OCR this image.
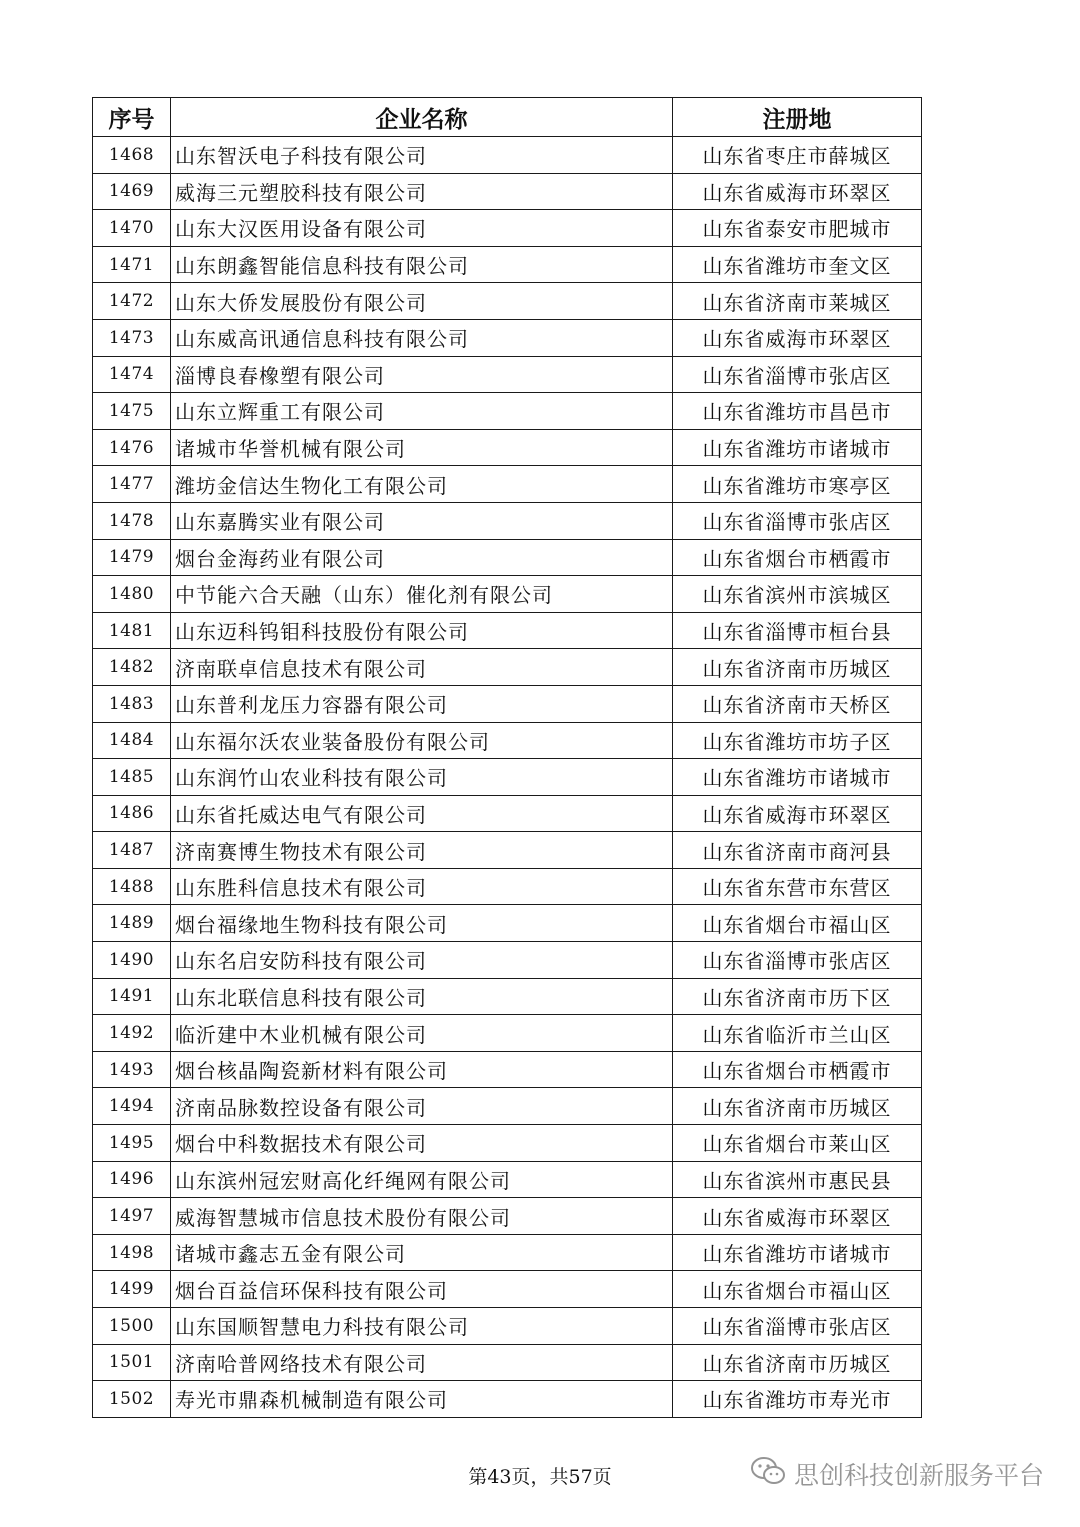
序号	企业名称	注册地
1468	山东智沃电子科技有限公司	山东省枣庄市薛城区
1469	威海三元塑胶科技有限公司	山东省威海市环翠区
1470	山东大汉医用设备有限公司	山东省泰安市肥城市
1471	山东朗鑫智能信息科技有限公司	山东省潍坊市奎文区
1472	山东大侨发展股份有限公司	山东省济南市莱城区
1473	山东威高讯通信息科技有限公司	山东省威海市环翠区
1474	淄博良春橡塑有限公司	山东省淄博市张店区
1475	山东立辉重工有限公司	山东省潍坊市昌邑市
1476	诸城市华誉机械有限公司	山东省潍坊市诸城市
1477	潍坊金信达生物化工有限公司	山东省潍坊市寒亭区
1478	山东嘉腾实业有限公司	山东省淄博市张店区
1479	烟台金海药业有限公司	山东省烟台市栖霞市
1480	中节能六合天融（山东）催化剂有限公司	山东省滨州市滨城区
1481	山东迈科钨钼科技股份有限公司	山东省淄博市桓台县
1482	济南联卓信息技术有限公司	山东省济南市历城区
1483	山东普利龙压力容器有限公司	山东省济南市天桥区
1484	山东福尔沃农业装备股份有限公司	山东省潍坊市坊子区
1485	山东润竹山农业科技有限公司	山东省潍坊市诸城市
1486	山东省托威达电气有限公司	山东省威海市环翠区
1487	济南赛博生物技术有限公司	山东省济南市商河县
1488	山东胜科信息技术有限公司	山东省东营市东营区
1489	烟台福缘地生物科技有限公司	山东省烟台市福山区
1490	山东名启安防科技有限公司	山东省淄博市张店区
1491	山东北联信息科技有限公司	山东省济南市历下区
1492	临沂建中木业机械有限公司	山东省临沂市兰山区
1493	烟台核晶陶瓷新材料有限公司	山东省烟台市栖霞市
1494	济南品脉数控设备有限公司	山东省济南市历城区
1495	烟台中科数据技术有限公司	山东省烟台市莱山区
1496	山东滨州冠宏财高化纤绳网有限公司	山东省滨州市惠民县
1497	威海智慧城市信息技术股份有限公司	山东省威海市环翠区
1498	诸城市鑫志五金有限公司	山东省潍坊市诸城市
1499	烟台百益信环保科技有限公司	山东省烟台市福山区
1500	山东国顺智慧电力科技有限公司	山东省淄博市张店区
1501	济南哈普网络技术有限公司	山东省济南市历城区
1502	寿光市鼎森机械制造有限公司	山东省潍坊市寿光市
第43页，共57页	思创科技创新服务平台
